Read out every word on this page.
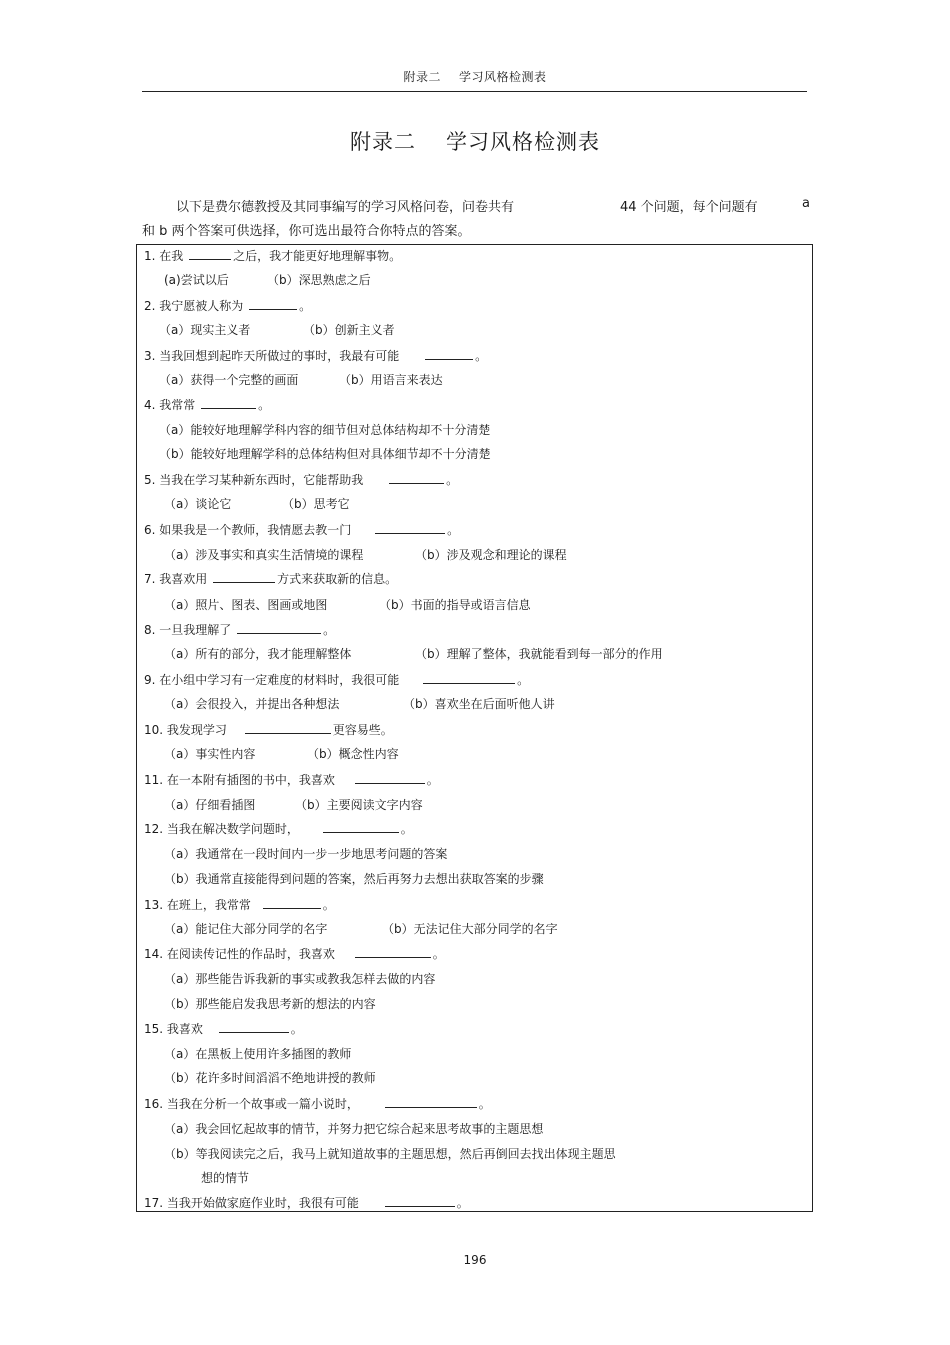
附录二 学习风格检测表
附录二 学习风格检测表
以下是费尔德教授及其同事编写的学习风格问卷，问卷共有	44 个问题，每个问题有	a
和 b 两个答案可供选择，你可选出最符合你特点的答案。
1. 在我	之后，我才能更好地理解事物。
(a)尝试以后	（b）深思熟虑之后
2. 我宁愿被人称为	。
（a）现实主义者	（b）创新主义者
3. 当我回想到起昨天所做过的事时，我最有可能	。
（a）获得一个完整的画面	（b）用语言来表达
4. 我常常	。
（a）能较好地理解学科内容的细节但对总体结构却不十分清楚
（b）能较好地理解学科的总体结构但对具体细节却不十分清楚
5. 当我在学习某种新东西时，它能帮助我	。
（a）谈论它	（b）思考它
6. 如果我是一个教师，我情愿去教一门	。
（a）涉及事实和真实生活情境的课程	（b）涉及观念和理论的课程
7. 我喜欢用	方式来获取新的信息。
（a）照片、图表、图画或地图	（b）书面的指导或语言信息
8. 一旦我理解了	。
（a）所有的部分，我才能理解整体	（b）理解了整体，我就能看到每一部分的作用
9. 在小组中学习有一定难度的材料时，我很可能	。
（a）会很投入，并提出各种想法	（b）喜欢坐在后面听他人讲
10. 我发现学习	更容易些。
（a）事实性内容	（b）概念性内容
11. 在一本附有插图的书中，我喜欢	。
（a）仔细看插图	（b）主要阅读文字内容
12. 当我在解决数学问题时，	。
（a）我通常在一段时间内一步一步地思考问题的答案
（b）我通常直接能得到问题的答案，然后再努力去想出获取答案的步骤
13. 在班上，我常常	。
（a）能记住大部分同学的名字	（b）无法记住大部分同学的名字
14. 在阅读传记性的作品时，我喜欢	。
（a）那些能告诉我新的事实或教我怎样去做的内容
（b）那些能启发我思考新的想法的内容
15. 我喜欢	。
（a）在黑板上使用许多插图的教师
（b）花许多时间滔滔不绝地讲授的教师
16. 当我在分析一个故事或一篇小说时，	。
（a）我会回忆起故事的情节，并努力把它综合起来思考故事的主题思想
（b）等我阅读完之后，我马上就知道故事的主题思想，然后再倒回去找出体现主题思
想的情节
17. 当我开始做家庭作业时，我很有可能	。
196
